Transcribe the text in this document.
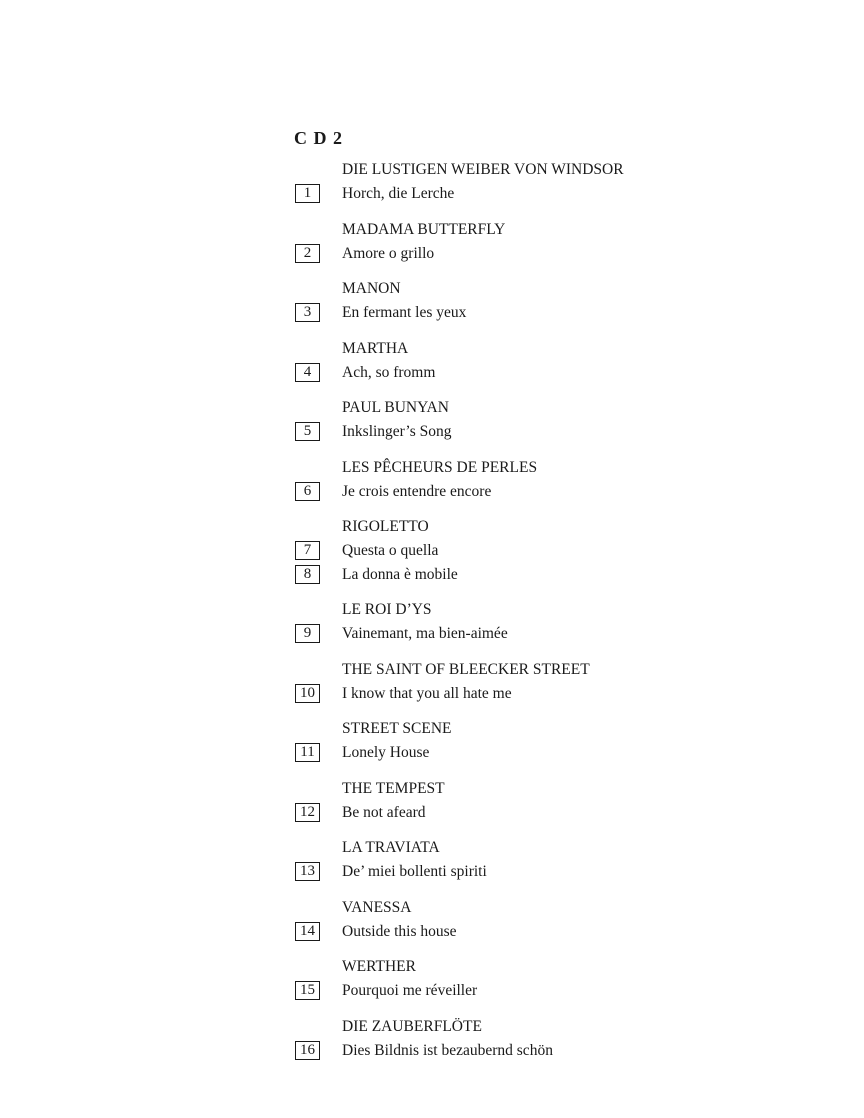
C D 2
DIE LUSTIGEN WEIBER VON WINDSOR
1	Horch, die Lerche
MADAMA BUTTERFLY
2	Amore o grillo
MANON
3	En fermant les yeux
MARTHA
4	Ach, so fromm
PAUL BUNYAN
5	Inkslinger’s Song
LES PÊCHEURS DE PERLES
6	Je crois entendre encore
RIGOLETTO
7	Questa o quella
8	La donna è mobile
LE ROI D’YS
9	Vainemant, ma bien-aimée
THE SAINT OF BLEECKER STREET
10	I know that you all hate me
STREET SCENE
11	Lonely House
THE TEMPEST
12	Be not afeard
LA TRAVIATA
13	De’ miei bollenti spiriti
VANESSA
14	Outside this house
WERTHER
15	Pourquoi me réveiller
DIE ZAUBERFLÖTE
16	Dies Bildnis ist bezaubernd schön
